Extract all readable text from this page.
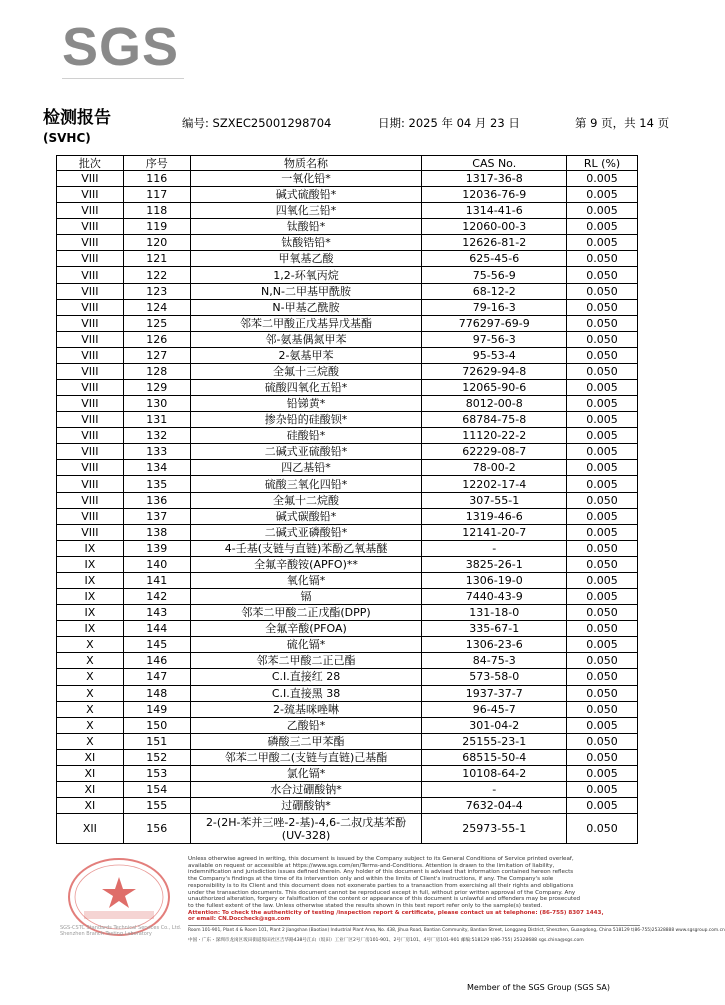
SGS
检测报告
(SVHC)
编号: SZXEC25001298704	日期: 2025 年 04 月 23 日	第 9 页，共 14 页
批次	序号	物质名称	CAS No.	RL (%)
VIII	116	一氧化铅*	1317-36-8	0.005
VIII	117	碱式硫酸铅*	12036-76-9	0.005
VIII	118	四氧化三铅*	1314-41-6	0.005
VIII	119	钛酸铅*	12060-00-3	0.005
VIII	120	钛酸锆铅*	12626-81-2	0.005
VIII	121	甲氧基乙酸	625-45-6	0.050
VIII	122	1,2-环氧丙烷	75-56-9	0.050
VIII	123	N,N-二甲基甲酰胺	68-12-2	0.050
VIII	124	N-甲基乙酰胺	79-16-3	0.050
VIII	125	邻苯二甲酸正戊基异戊基酯	776297-69-9	0.050
VIII	126	邻-氨基偶氮甲苯	97-56-3	0.050
VIII	127	2-氨基甲苯	95-53-4	0.050
VIII	128	全氟十三烷酸	72629-94-8	0.050
VIII	129	硫酸四氧化五铅*	12065-90-6	0.005
VIII	130	铅锑黄*	8012-00-8	0.005
VIII	131	掺杂铅的硅酸钡*	68784-75-8	0.005
VIII	132	硅酸铅*	11120-22-2	0.005
VIII	133	二碱式亚硫酸铅*	62229-08-7	0.005
VIII	134	四乙基铅*	78-00-2	0.005
VIII	135	硫酸三氧化四铅*	12202-17-4	0.005
VIII	136	全氟十二烷酸	307-55-1	0.050
VIII	137	碱式碳酸铅*	1319-46-6	0.005
VIII	138	二碱式亚磷酸铅*	12141-20-7	0.005
IX	139	4-壬基(支链与直链)苯酚乙氧基醚	-	0.050
IX	140	全氟辛酸铵(APFO)**	3825-26-1	0.050
IX	141	氧化镉*	1306-19-0	0.005
IX	142	镉	7440-43-9	0.005
IX	143	邻苯二甲酸二正戊酯(DPP)	131-18-0	0.050
IX	144	全氟辛酸(PFOA)	335-67-1	0.050
X	145	硫化镉*	1306-23-6	0.005
X	146	邻苯二甲酸二正己酯	84-75-3	0.050
X	147	C.I.直接红 28	573-58-0	0.050
X	148	C.I.直接黑 38	1937-37-7	0.050
X	149	2-巯基咪唑啉	96-45-7	0.050
X	150	乙酸铅*	301-04-2	0.005
X	151	磷酸三二甲苯酯	25155-23-1	0.050
XI	152	邻苯二甲酸二(支链与直链)己基酯	68515-50-4	0.050
XI	153	氯化镉*	10108-64-2	0.005
XI	154	水合过硼酸钠*	-	0.005
XI	155	过硼酸钠*	7632-04-4	0.005
XII	156	2-(2H-苯并三唑-2-基)-4,6-二叔戊基苯酚 (UV-328)	25973-55-1	0.050
SGS-CSTC Standards Technical Services Co., Ltd. Shenzhen Branch Testing Laboratory
Unless otherwise agreed in writing, this document is issued by the Company subject to its General Conditions of Service printed overleaf,
available on request or accessible at https://www.sgs.com/en/Terms-and-Conditions. Attention is drawn to the limitation of liability,
indemnification and jurisdiction issues defined therein. Any holder of this document is advised that information contained hereon reflects
the Company's findings at the time of its intervention only and within the limits of Client's instructions, if any. The Company's sole
responsibility is to its Client and this document does not exonerate parties to a transaction from exercising all their rights and obligations
under the transaction documents. This document cannot be reproduced except in full, without prior written approval of the Company. Any
unauthorized alteration, forgery or falsification of the content or appearance of this document is unlawful and offenders may be prosecuted
to the fullest extent of the law. Unless otherwise stated the results shown in this test report refer only to the sample(s) tested.
Attention: To check the authenticity of testing /inspection report & certificate, please contact us at telephone: (86-755) 8307 1443,
or email: CN.Doccheck@sgs.com
Room 101-901, Plant 4 & Room 101, Plant 2 Jiangshan (Baotian) Industrial Plant Area, No. 438, Jihua Road, Bantian Community, Bantian Street, Longgang District, Shenzhen, Guangdong, China 518129 t(86-755)25328888 www.sgsgroup.com.cn
中国・广东・深圳市龙岗区坂田街道坂田社区吉华路438号江山（坂田）工业厂区2号厂房101-901、2号厂房101、4号厂房101-901 邮编:518129 t(86-755) 25328688 sgs.china@sgs.com
Member of the SGS Group (SGS SA)
